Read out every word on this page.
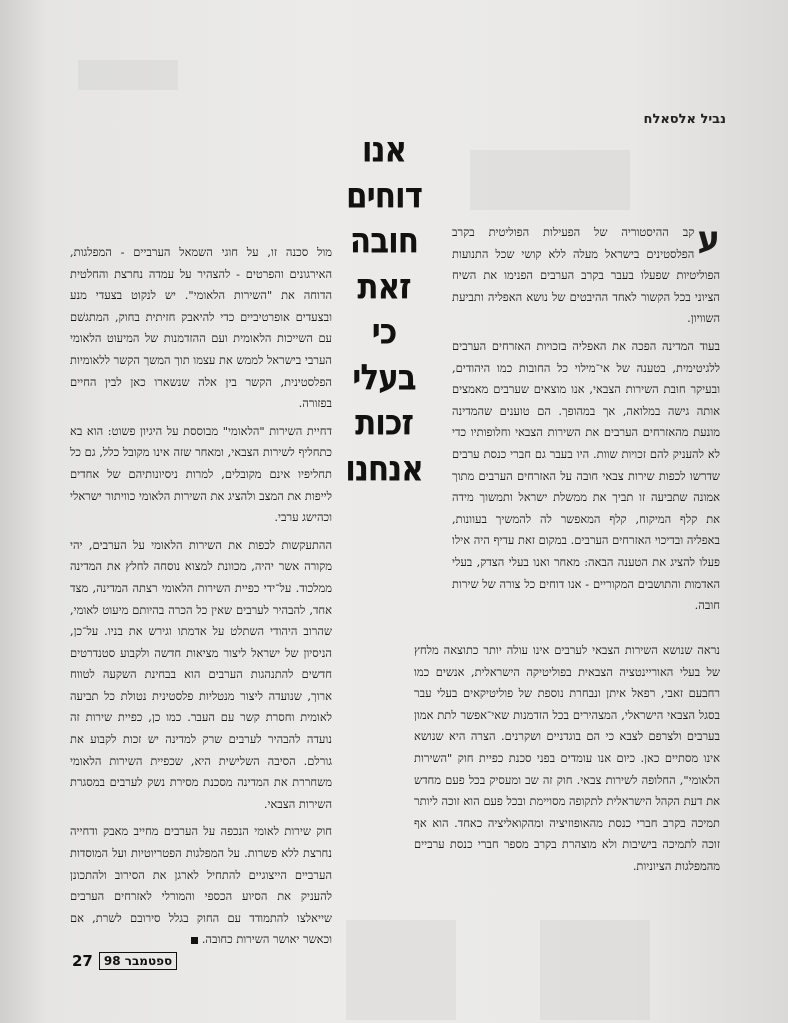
נביל אלסאלח
אנו
דוחים
חובה
זאת
כי
בעלי
זכות
אנחנו

ע
קב ההיסטוריה של הפעילות הפוליטית בקרב הפלסטינים בישראל מעלה ללא קושי שכל התנועות הפוליטיות שפעלו בעבר בקרב הערבים הפנימו את השיח הציוני בכל הקשור לאחד ההיבטים של נושא האפליה ותביעת השוויון.

בעוד המדינה הפכה את האפליה בזכויות האזרחים הערבים ללגיטימית, בטענה של אי־מילוי כל החובות כמו היהודים, ובעיקר חובת השירות הצבאי, אנו מוצאים שערבים מאמצים אותה גישה במלואה, אך במהופך. הם טוענים שהמדינה מונעת מהאזרחים הערבים את השירות הצבאי וחלופותיו כדי לא להעניק להם זכויות שוות. היו בעבר גם חברי כנסת ערבים שדרשו לכפות שירות צבאי חובה על האזרחים הערבים מתוך אמונה שתביעה זו תביך את ממשלת ישראל ותמשוך מידה את קלף המיקוח, קלף המאפשר לה להמשיך בעוונות, באפליה ובדיכוי האזרחים הערבים. במקום זאת עדיף היה אילו פעלו להציג את הטענה הבאה: מאחר ואנו בעלי הצדק, בעלי האדמות והתושבים המקוריים - אנו דוחים כל צורה של שירות חובה.

מול סכנה זו, על חוגי השמאל הערביים - המפלגות, האירגונים והפרטים - להצהיר על עמדה נחרצת והחלטית הדוחה את "השירות הלאומי". יש לנקוט בצעדי מנע ובצעדים אופרטיביים כדי להיאבק חזיתית בחוק, המתגשׁם עם השייכות הלאומית ועם ההזדמנות של המיעוט הלאומי הערבי בישראל לממש את עצמו תוך המשך הקשר ללאומיות הפלסטינית, הקשר בין אלה שנשארו כאן לבין החיים בפזורה.

דחיית השירות "הלאומי" מבוססת על היגיון פשוט: הוא בא כתחליף לשירות הצבאי, ומאחר שזה אינו מקובל כלל, גם כל תחליפיו אינם מקובלים, למרות ניסיונותיהם של אחדים לייפות את המצב ולהציג את השירות הלאומי כוויתור ישראלי וכהישג ערבי.

ההתעקשות לכפות את השירות הלאומי על הערבים, יהי מקורה אשר יהיה, מכוונת למצוא נוסחה לחלץ את המדינה ממלכוד. על־ידי כפיית השירות הלאומי רצתה המדינה, מצד אחד, להבהיר לערבים שאין כל הכרה בהיותם מיעוט לאומי, שהרוב היהודי השתלט על אדמתו וגירש את בניו. על־כן, הניסיון של ישראל ליצור מציאות חדשה ולקבוע סטנדרטים חדשים להתנהגות הערבים הוא בבחינת השקעה לטווח ארוך, שנועדה ליצור מנטליות פלסטינית נטולת כל תביעה לאומית וחסרת קשר עם העבר. כמו כן, כפיית שירות זה נועדה להבהיר לערבים שרק למדינה יש זכות לקבוע את גורלם. הסיבה השלישית היא, שכפיית השירות הלאומי משחררת את המדינה מסכנת מסירת נשק לערבים במסגרת השירות הצבאי.

חוק שירות לאומי הנכפה על הערבים מחייב מאבק ודחייה נחרצת ללא פשרות. על המפלגות הפטריוטיות ועל המוסדות הערביים הייצוגיים להתחיל לארגן את הסירוב ולהתכונן להעניק את הסיוע הכספי והמורלי לאזרחים הערבים שייאלצו להתמודד עם החוק בגלל סירובם לשרת, אם וכאשר יאושר השירות כחובה.

נראה שנושא השירות הצבאי לערבים אינו עולה יותר כתוצאה מלחץ של בעלי האוריינטציה הצבאית בפוליטיקה הישראלית, אנשים כמו רחבעם זאבי, רפאל איתן ונבחרת נוספת של פוליטיקאים בעלי עבר בסגל הצבאי הישראלי, המצהירים בכל הזדמנות שאי־אפשר לתת אמון בערבים ולצרפם לצבא כי הם בוגדניים ושקרנים. הצרה היא שנושא אינו מסתיים כאן. כיום אנו עומדים בפני סכנת כפיית חוק "השירות הלאומי", החלופה לשירות צבאי. חוק זה שב ומעסיק בכל פעם מחדש את דעת הקהל הישראלית לתקופה מסויימת ובכל פעם הוא זוכה ליותר תמיכה בקרב חברי כנסת מהאופוזיציה ומהקואליציה כאחד. הוא אף זוכה לתמיכה בישיבות ולא מוצהרת בקרב מספר חברי כנסת ערביים מהמפלגות הציוניות.

27 ספטמבר 98
